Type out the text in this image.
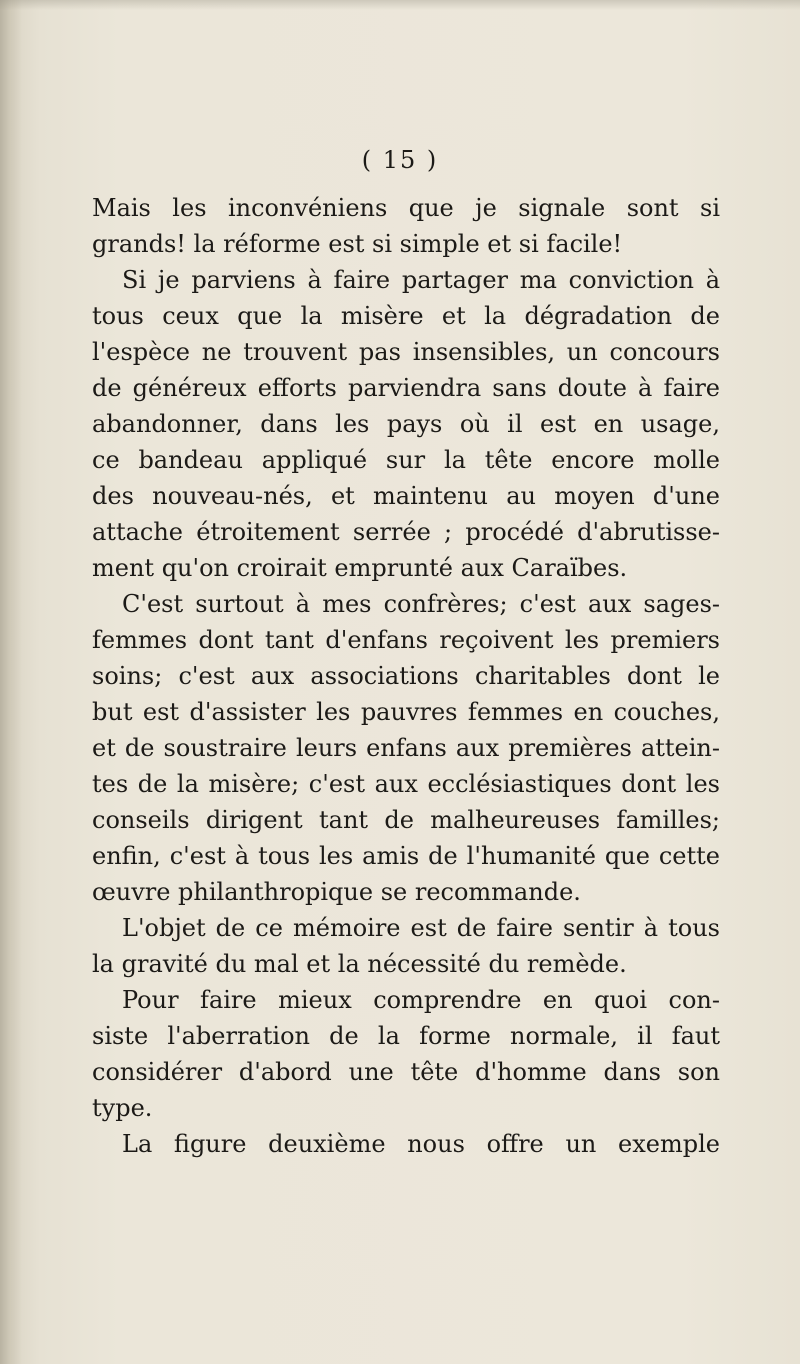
( 15 )
Mais les inconvéniens que je signale sont si
grands! la réforme est si simple et si facile!
Si je parviens à faire partager ma conviction à
tous ceux que la misère et la dégradation de
l'espèce ne trouvent pas insensibles, un concours
de généreux efforts parviendra sans doute à faire
abandonner, dans les pays où il est en usage,
ce bandeau appliqué sur la tête encore molle
des nouveau-nés, et maintenu au moyen d'une
attache étroitement serrée ; procédé d'abrutisse-
ment qu'on croirait emprunté aux Caraïbes.
C'est surtout à mes confrères; c'est aux sages-
femmes dont tant d'enfans reçoivent les premiers
soins; c'est aux associations charitables dont le
but est d'assister les pauvres femmes en couches,
et de soustraire leurs enfans aux premières attein-
tes de la misère; c'est aux ecclésiastiques dont les
conseils dirigent tant de malheureuses familles;
enfin, c'est à tous les amis de l'humanité que cette
œuvre philanthropique se recommande.
L'objet de ce mémoire est de faire sentir à tous
la gravité du mal et la nécessité du remède.
Pour faire mieux comprendre en quoi con-
siste l'aberration de la forme normale, il faut
considérer d'abord une tête d'homme dans son
type.
La figure deuxième nous offre un exemple
